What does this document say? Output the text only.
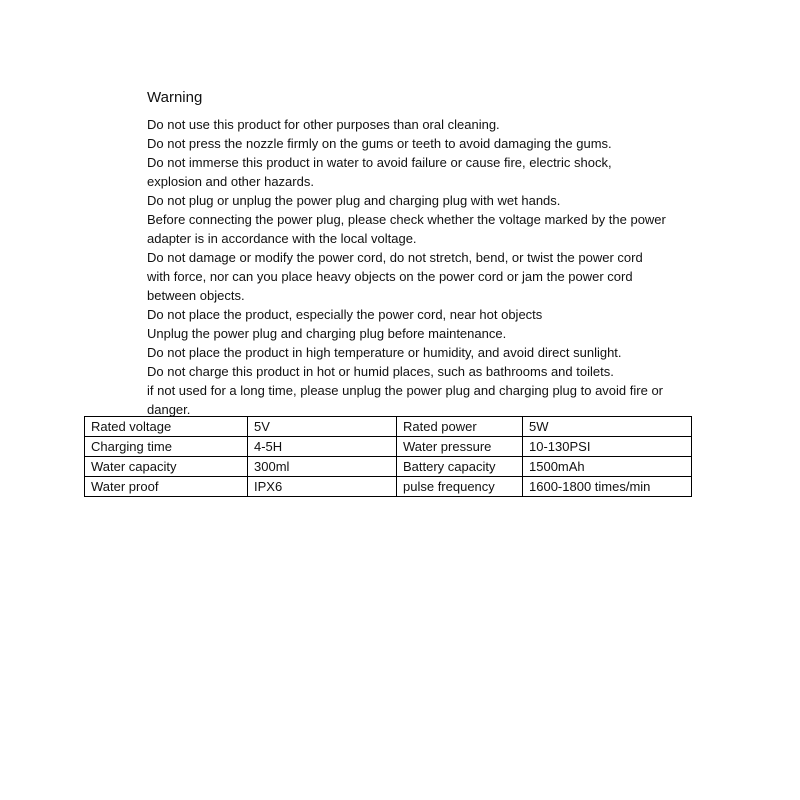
Warning
Do not use this product for other purposes than oral cleaning.
Do not press the nozzle firmly on the gums or teeth to avoid damaging the gums.
Do not immerse this product in water to avoid failure or cause fire, electric shock, explosion and other hazards.
Do not plug or unplug the power plug and charging plug with wet hands.
Before connecting the power plug, please check whether the voltage marked by the power adapter is in accordance with the local voltage.
Do not damage or modify the power cord, do not stretch, bend, or twist the power cord with force, nor can you place heavy objects on the power cord or jam the power cord between objects.
Do not place the product, especially the power cord, near hot objects
Unplug the power plug and charging plug before maintenance.
Do not place the product in high temperature or humidity, and avoid direct sunlight.
Do not charge this product in hot or humid places, such as bathrooms and toilets.
if not used for a long time, please unplug the power plug and charging plug to avoid fire or danger.
Rated voltage	5V	Rated power	5W
Charging time	4-5H	Water pressure	10-130PSI
Water capacity	300ml	Battery capacity	1500mAh
Water proof	IPX6	pulse frequency	1600-1800 times/min
